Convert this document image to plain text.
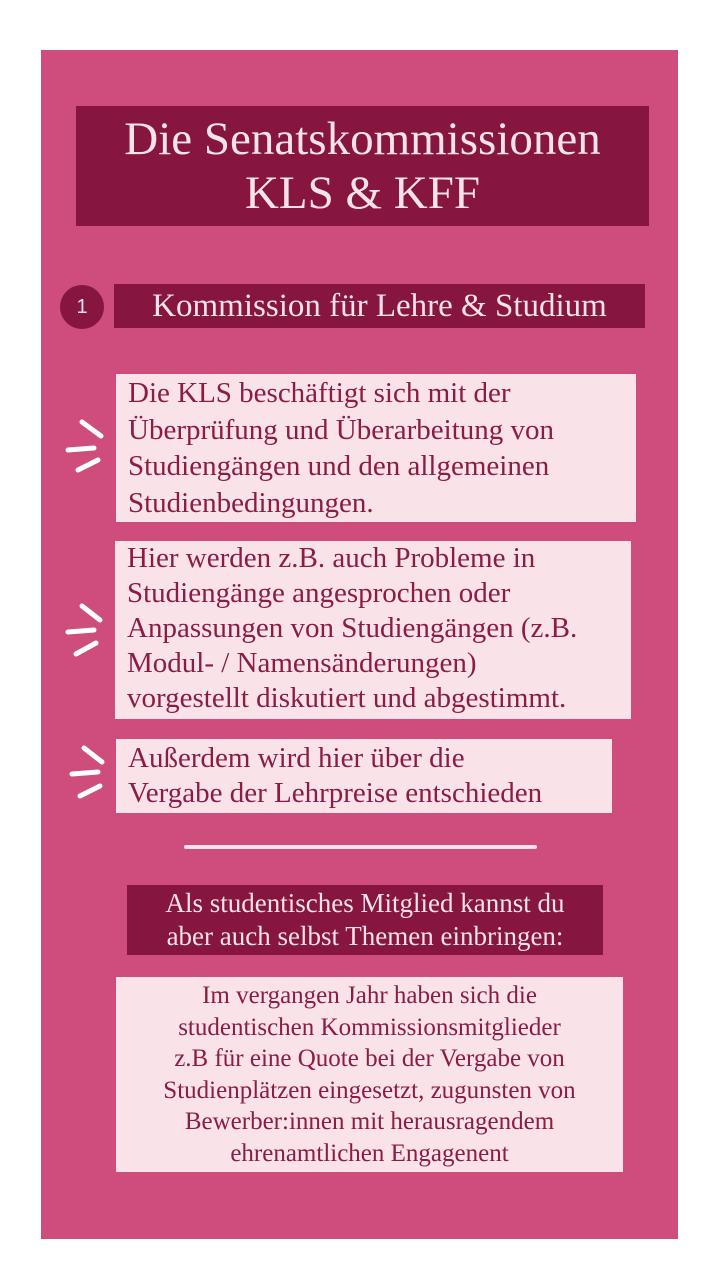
Die Senatskommissionen
KLS & KFF
1	Kommission für Lehre & Studium
Die KLS beschäftigt sich mit der
Überprüfung und Überarbeitung von
Studiengängen und den allgemeinen
Studienbedingungen.
Hier werden z.B. auch Probleme in
Studiengänge angesprochen oder
Anpassungen von Studiengängen (z.B.
Modul- / Namensänderungen)
vorgestellt diskutiert und abgestimmt.
Außerdem wird hier über die
Vergabe der Lehrpreise entschieden
Als studentisches Mitglied kannst du
aber auch selbst Themen einbringen:
Im vergangen Jahr haben sich die
studentischen Kommissionsmitglieder
z.B für eine Quote bei der Vergabe von
Studienplätzen eingesetzt, zugunsten von
Bewerber:innen mit herausragendem
ehrenamtlichen Engagenent
